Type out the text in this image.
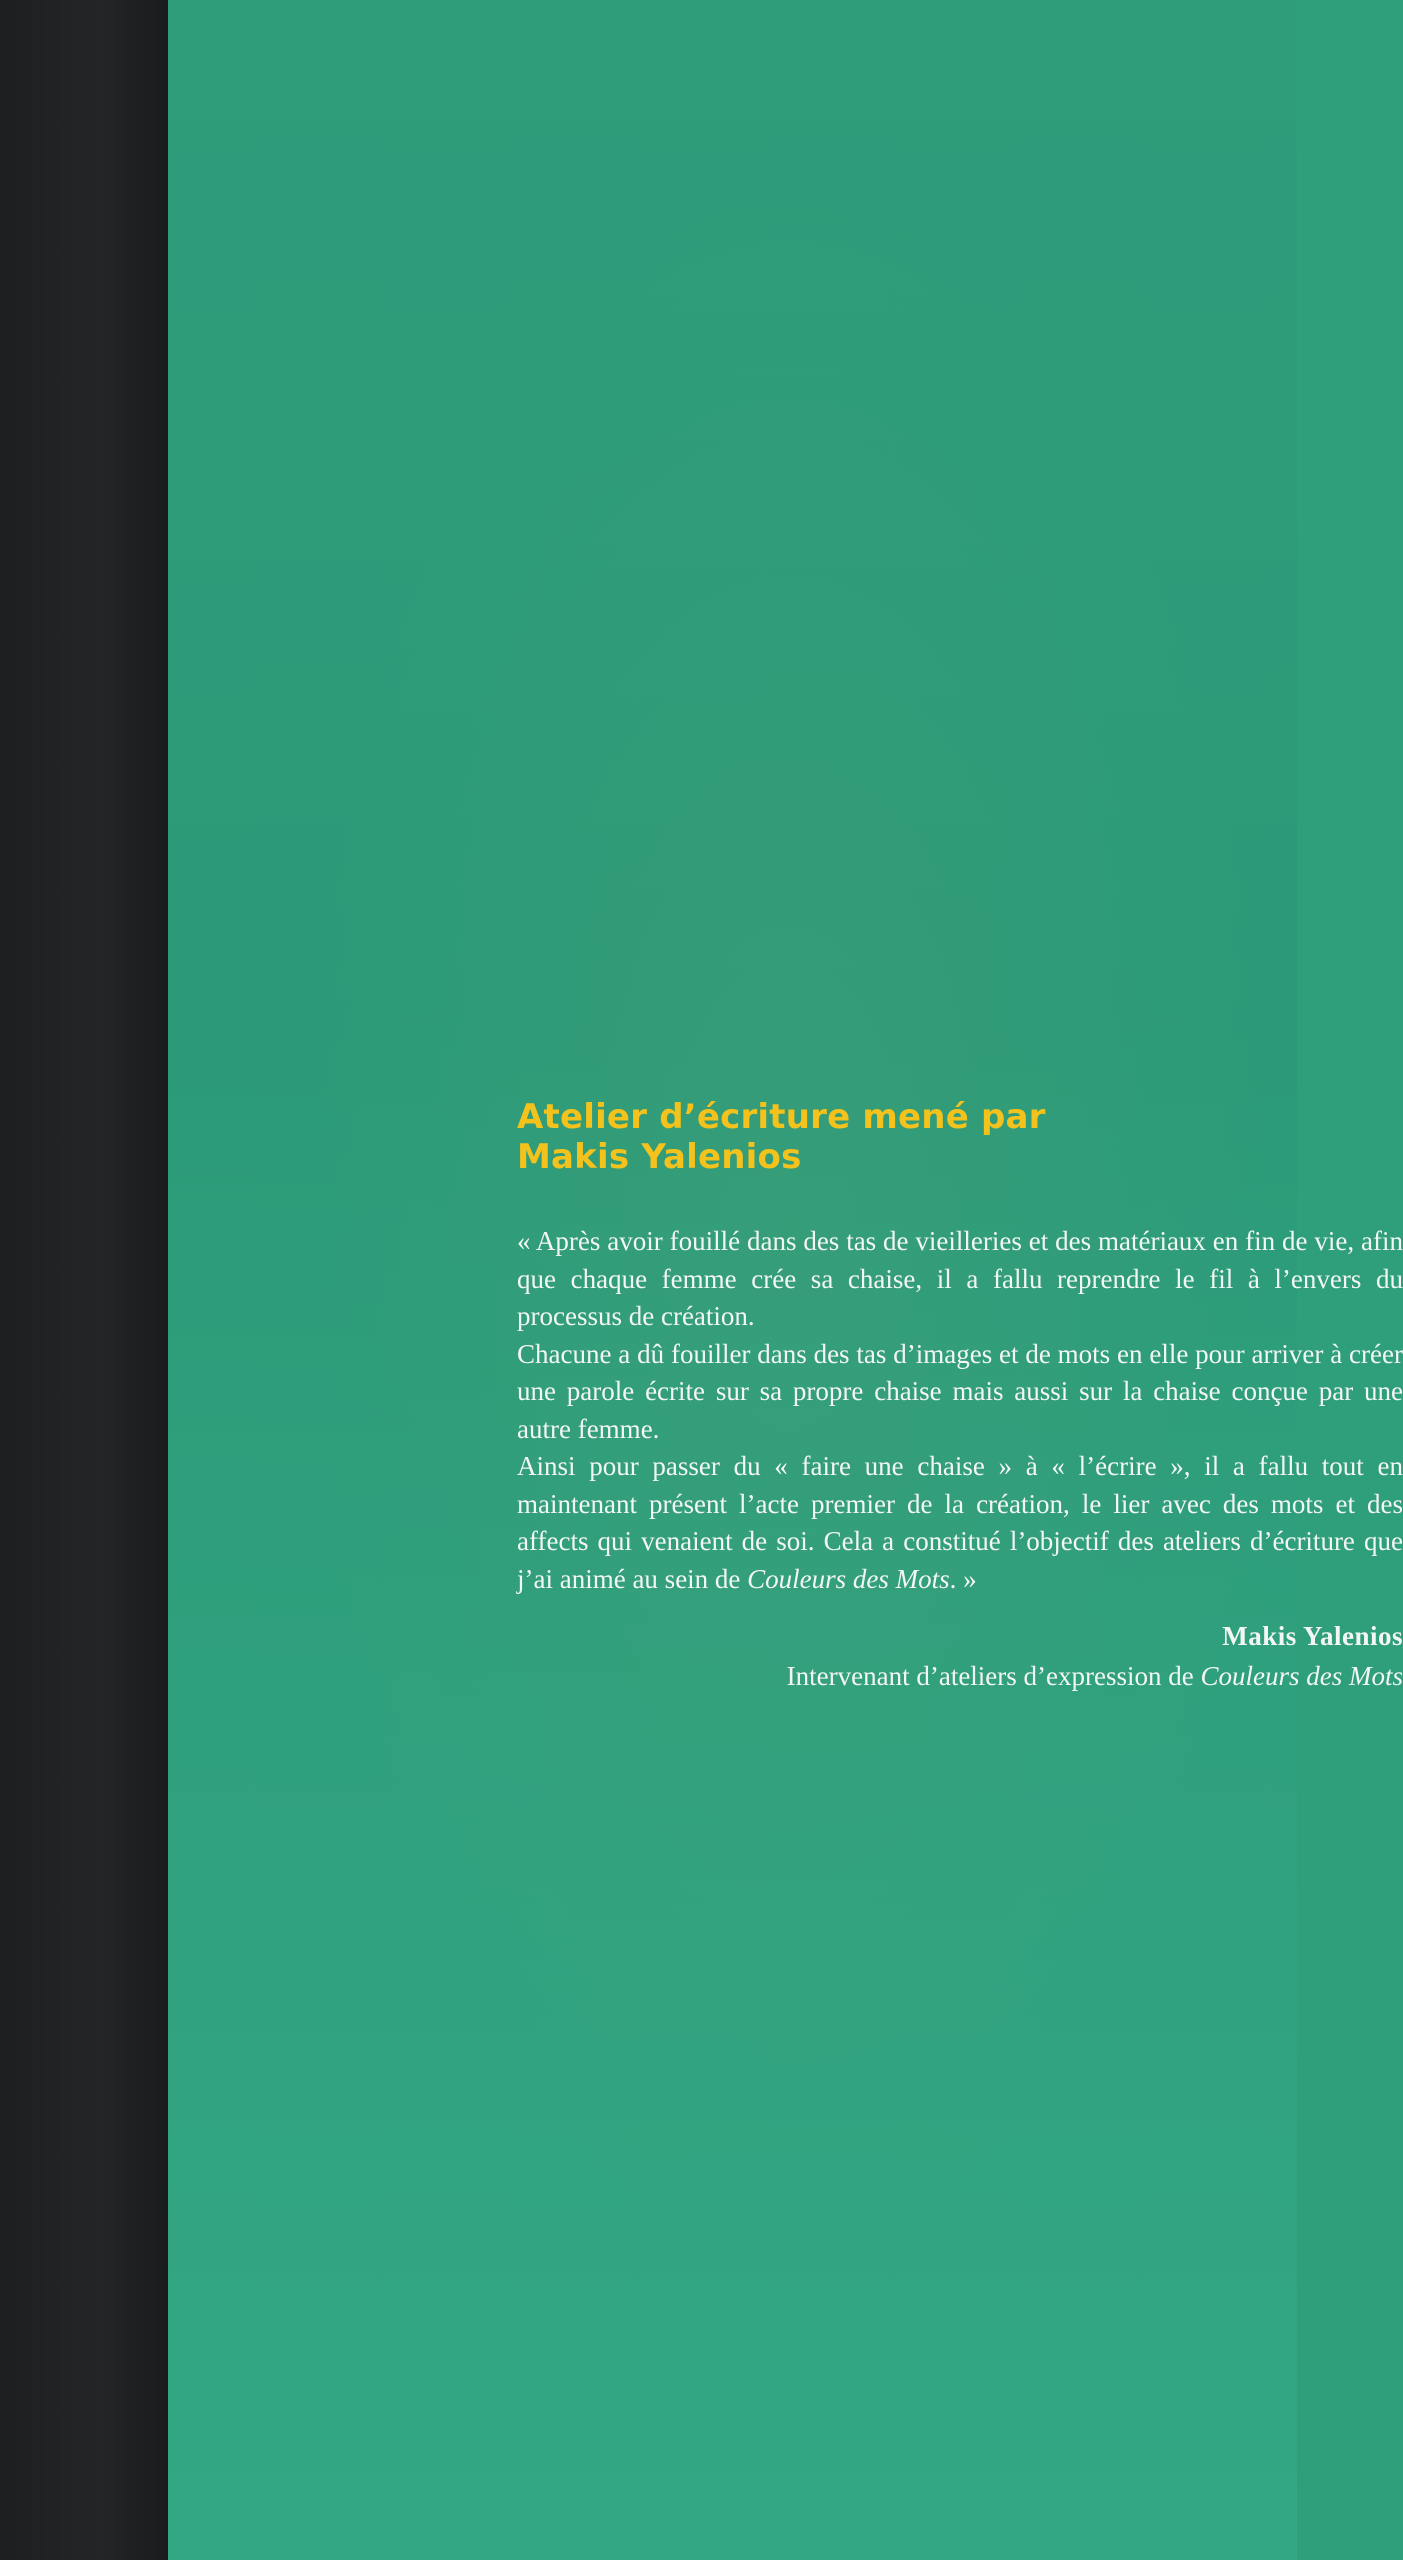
Atelier d’écriture mené par
Makis Yalenios

« Après avoir fouillé dans des tas de vieilleries et des matériaux en fin de vie, afin que chaque femme crée sa chaise, il a fallu reprendre le fil à l’envers du processus de création.

Chacune a dû fouiller dans des tas d’images et de mots en elle pour arriver à créer une parole écrite sur sa propre chaise mais aussi sur la chaise conçue par une autre femme.

Ainsi pour passer du « faire une chaise » à « l’écrire », il a fallu tout en maintenant présent l’acte premier de la création, le lier avec des mots et des affects qui venaient de soi. Cela a constitué l’objectif des ateliers d’écriture que j’ai animé au sein de Couleurs des Mots. »

Makis Yalenios
Intervenant d’ateliers d’expression de Couleurs des Mots
